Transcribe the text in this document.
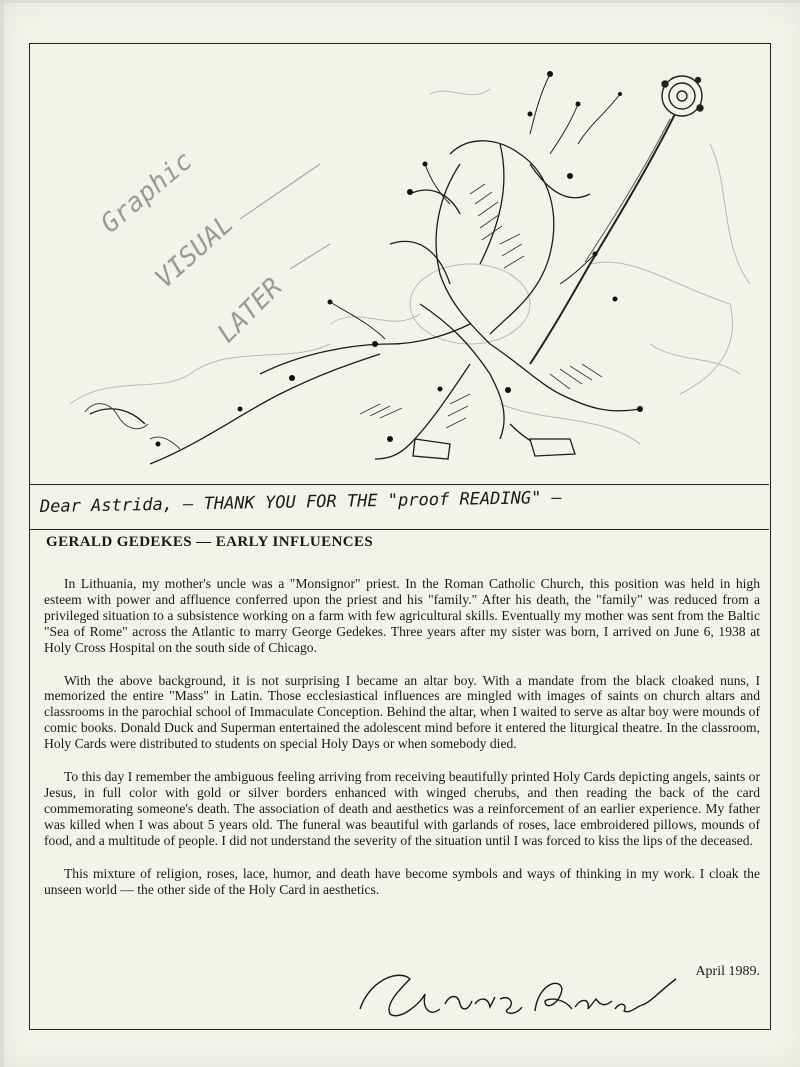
Graphic
VISUAL
LATER
Dear Astrida, — THANK YOU FOR THE "proof READING" —
GERALD GEDEKES — EARLY INFLUENCES

In Lithuania, my mother's uncle was a "Monsignor" priest. In the Roman Catholic Church, this position was held in high esteem with power and affluence conferred upon the priest and his "family." After his death, the "family" was reduced from a privileged situation to a subsistence working on a farm with few agricultural skills. Eventually my mother was sent from the Baltic "Sea of Rome" across the Atlantic to marry George Gedekes. Three years after my sister was born, I arrived on June 6, 1938 at Holy Cross Hospital on the south side of Chicago.

With the above background, it is not surprising I became an altar boy. With a mandate from the black cloaked nuns, I memorized the entire "Mass" in Latin. Those ecclesiastical influences are mingled with images of saints on church altars and classrooms in the parochial school of Immaculate Conception. Behind the altar, when I waited to serve as altar boy were mounds of comic books. Donald Duck and Superman entertained the adolescent mind before it entered the liturgical theatre. In the classroom, Holy Cards were distributed to students on special Holy Days or when somebody died.

To this day I remember the ambiguous feeling arriving from receiving beautifully printed Holy Cards depicting angels, saints or Jesus, in full color with gold or silver borders enhanced with winged cherubs, and then reading the back of the card commemorating someone's death. The association of death and aesthetics was a reinforcement of an earlier experience. My father was killed when I was about 5 years old. The funeral was beautiful with garlands of roses, lace embroidered pillows, mounds of food, and a multitude of people. I did not understand the severity of the situation until I was forced to kiss the lips of the deceased.

This mixture of religion, roses, lace, humor, and death have become symbols and ways of thinking in my work. I cloak the unseen world — the other side of the Holy Card in aesthetics.

April 1989.
